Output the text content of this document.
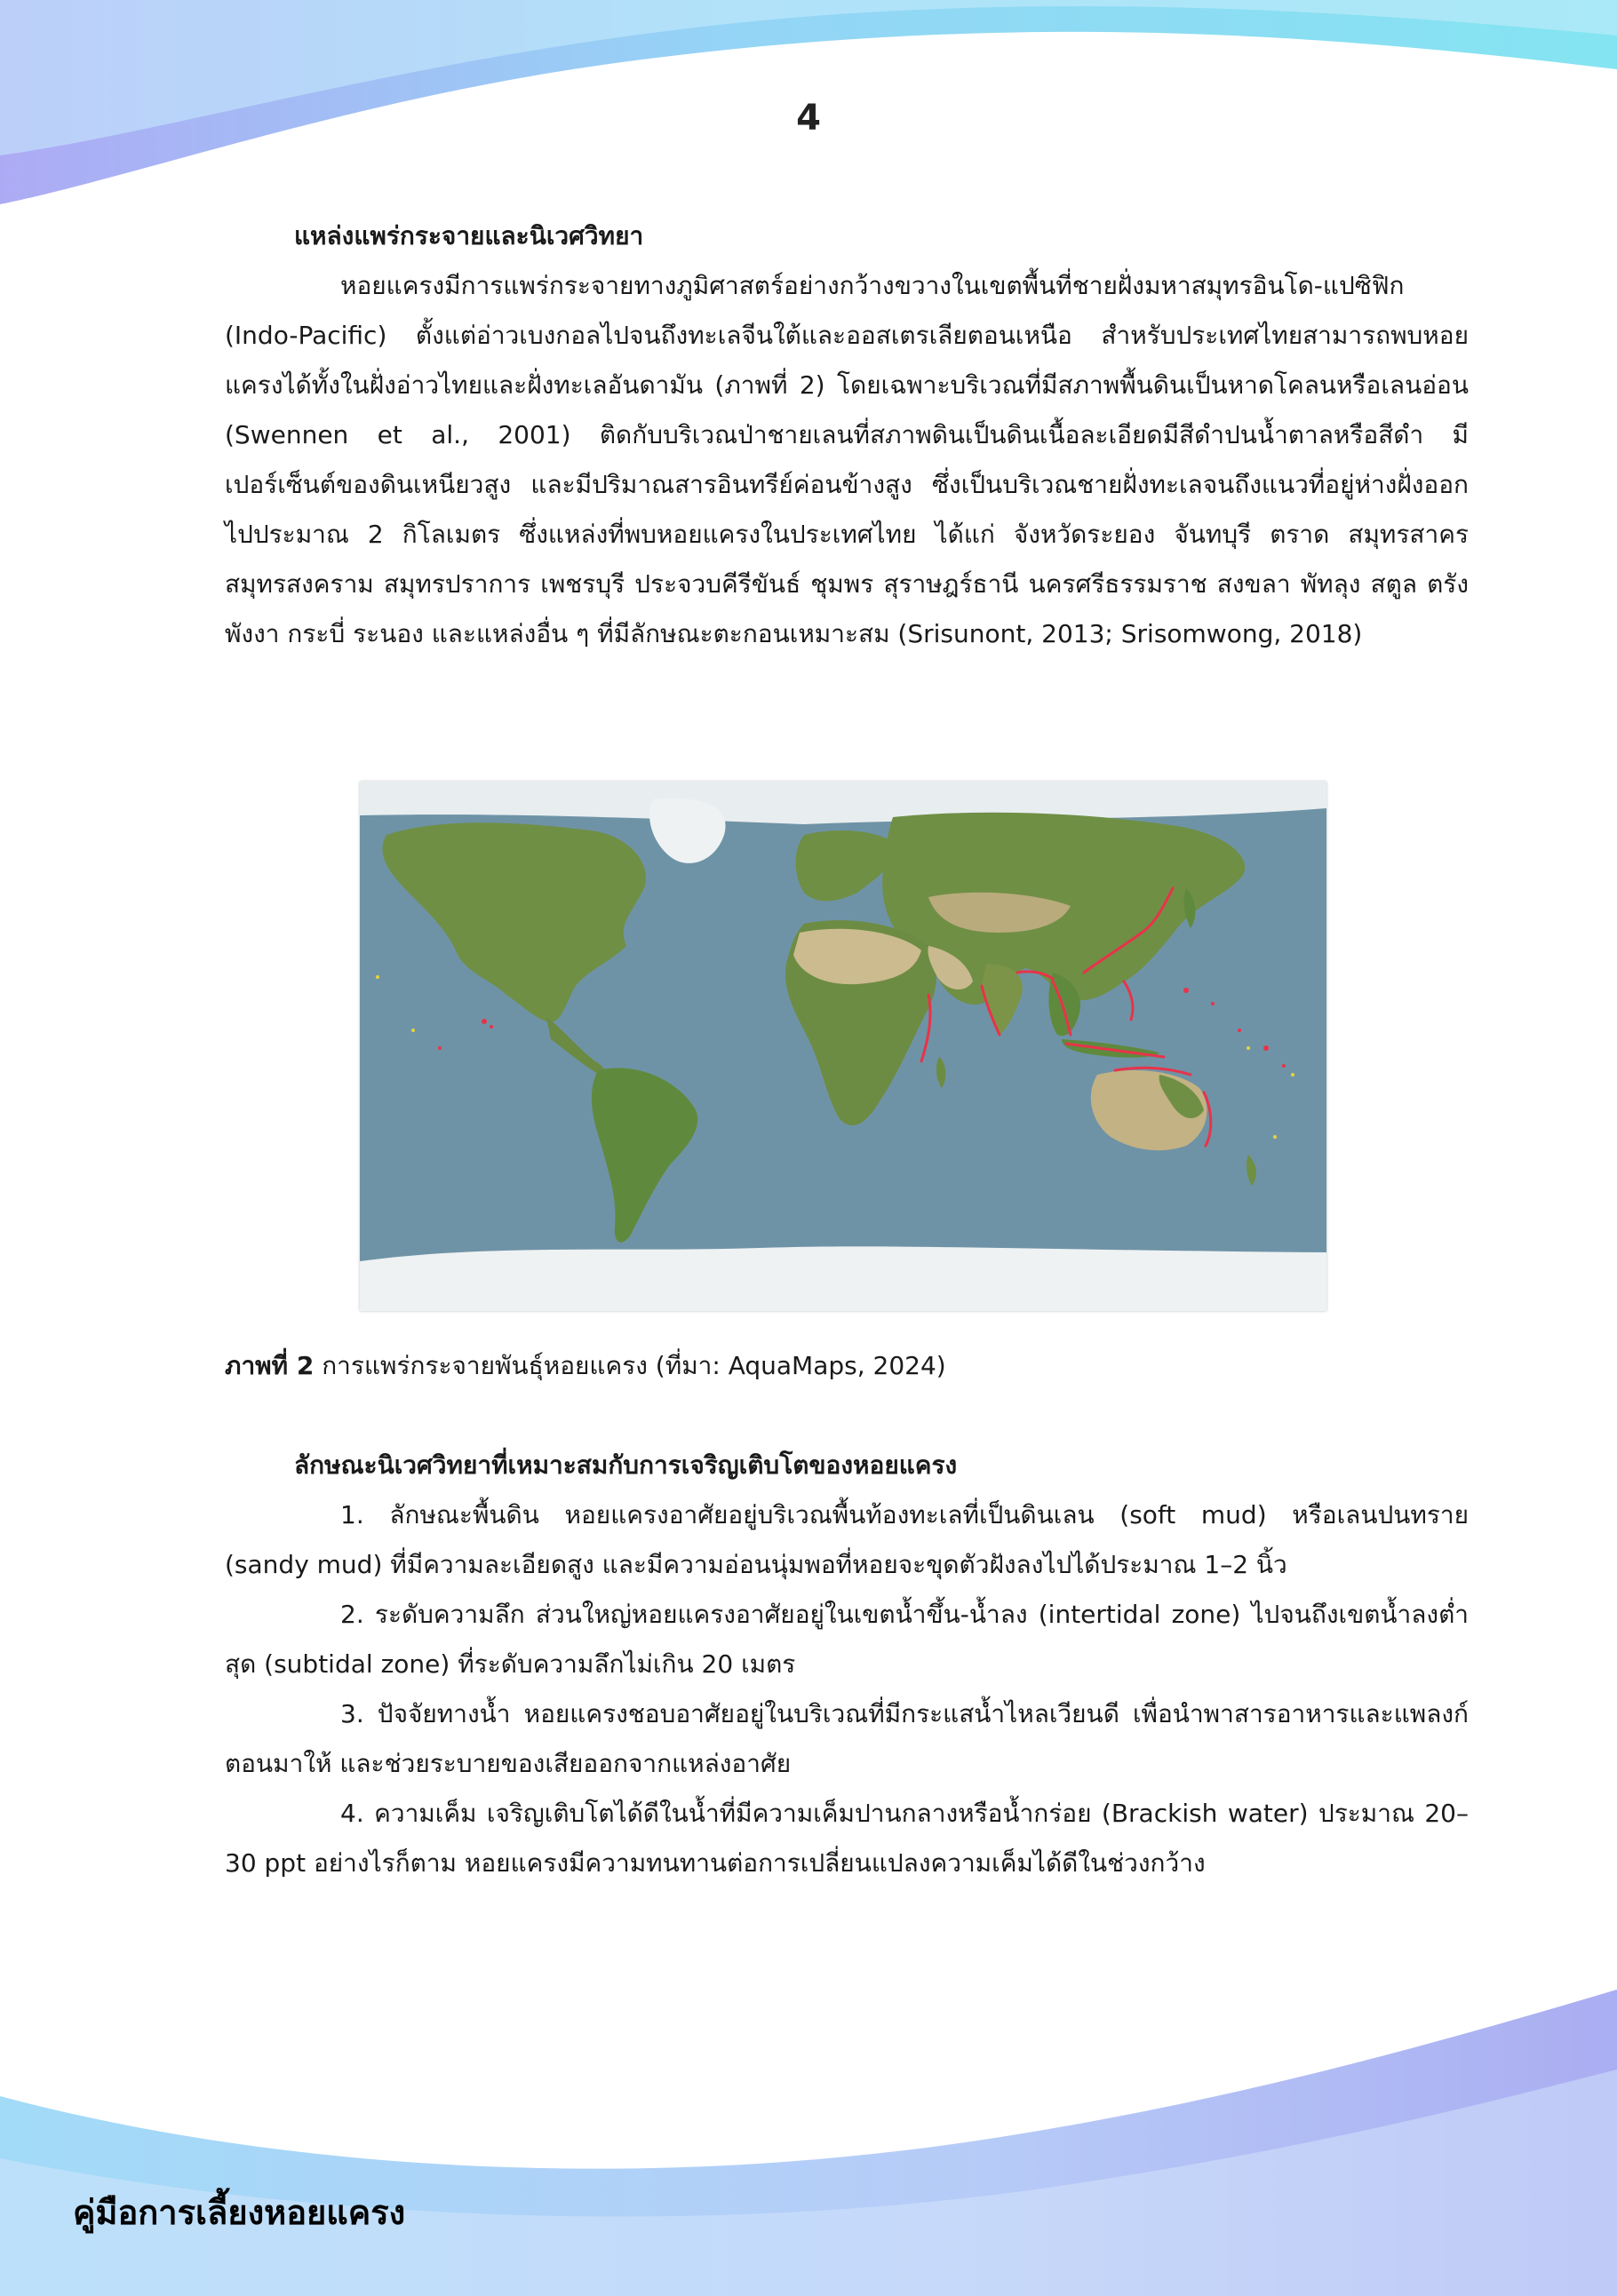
4

แหล่งแพร่กระจายและนิเวศวิทยา

หอยแครงมีการแพร่กระจายทางภูมิศาสตร์อย่างกว้างขวางในเขตพื้นที่ชายฝั่งมหาสมุทรอินโด-แปซิฟิก (Indo-Pacific) ตั้งแต่อ่าวเบงกอลไปจนถึงทะเลจีนใต้และออสเตรเลียตอนเหนือ สำหรับประเทศไทยสามารถพบหอยแครงได้ทั้งในฝั่งอ่าวไทยและฝั่งทะเลอันดามัน (ภาพที่ 2) โดยเฉพาะบริเวณที่มีสภาพพื้นดินเป็นหาดโคลนหรือเลนอ่อน (Swennen et al., 2001) ติดกับบริเวณป่าชายเลนที่สภาพดินเป็นดินเนื้อละเอียดมีสีดำปนน้ำตาลหรือสีดำ มีเปอร์เซ็นต์ของดินเหนียวสูง และมีปริมาณสารอินทรีย์ค่อนข้างสูง ซึ่งเป็นบริเวณชายฝั่งทะเลจนถึงแนวที่อยู่ห่างฝั่งออกไปประมาณ 2 กิโลเมตร ซึ่งแหล่งที่พบหอยแครงในประเทศไทย ได้แก่ จังหวัดระยอง จันทบุรี ตราด สมุทรสาคร สมุทรสงคราม สมุทรปราการ เพชรบุรี ประจวบคีรีขันธ์ ชุมพร สุราษฎร์ธานี นครศรีธรรมราช สงขลา พัทลุง สตูล ตรัง พังงา กระบี่ ระนอง และแหล่งอื่น ๆ ที่มีลักษณะตะกอนเหมาะสม (Srisunont, 2013; Srisomwong, 2018)

ภาพที่ 2 การแพร่กระจายพันธุ์หอยแครง (ที่มา: AquaMaps, 2024)

ลักษณะนิเวศวิทยาที่เหมาะสมกับการเจริญเติบโตของหอยแครง

1. ลักษณะพื้นดิน หอยแครงอาศัยอยู่บริเวณพื้นท้องทะเลที่เป็นดินเลน (soft mud) หรือเลนปนทราย (sandy mud) ที่มีความละเอียดสูง และมีความอ่อนนุ่มพอที่หอยจะขุดตัวฝังลงไปได้ประมาณ 1–2 นิ้ว

2. ระดับความลึก ส่วนใหญ่หอยแครงอาศัยอยู่ในเขตน้ำขึ้น-น้ำลง (intertidal zone) ไปจนถึงเขตน้ำลงต่ำสุด (subtidal zone) ที่ระดับความลึกไม่เกิน 20 เมตร

3. ปัจจัยทางน้ำ หอยแครงชอบอาศัยอยู่ในบริเวณที่มีกระแสน้ำไหลเวียนดี เพื่อนำพาสารอาหารและแพลงก์ตอนมาให้ และช่วยระบายของเสียออกจากแหล่งอาศัย

4. ความเค็ม เจริญเติบโตได้ดีในน้ำที่มีความเค็มปานกลางหรือน้ำกร่อย (Brackish water) ประมาณ 20–30 ppt อย่างไรก็ตาม หอยแครงมีความทนทานต่อการเปลี่ยนแปลงความเค็มได้ดีในช่วงกว้าง

คู่มือการเลี้ยงหอยแครง
